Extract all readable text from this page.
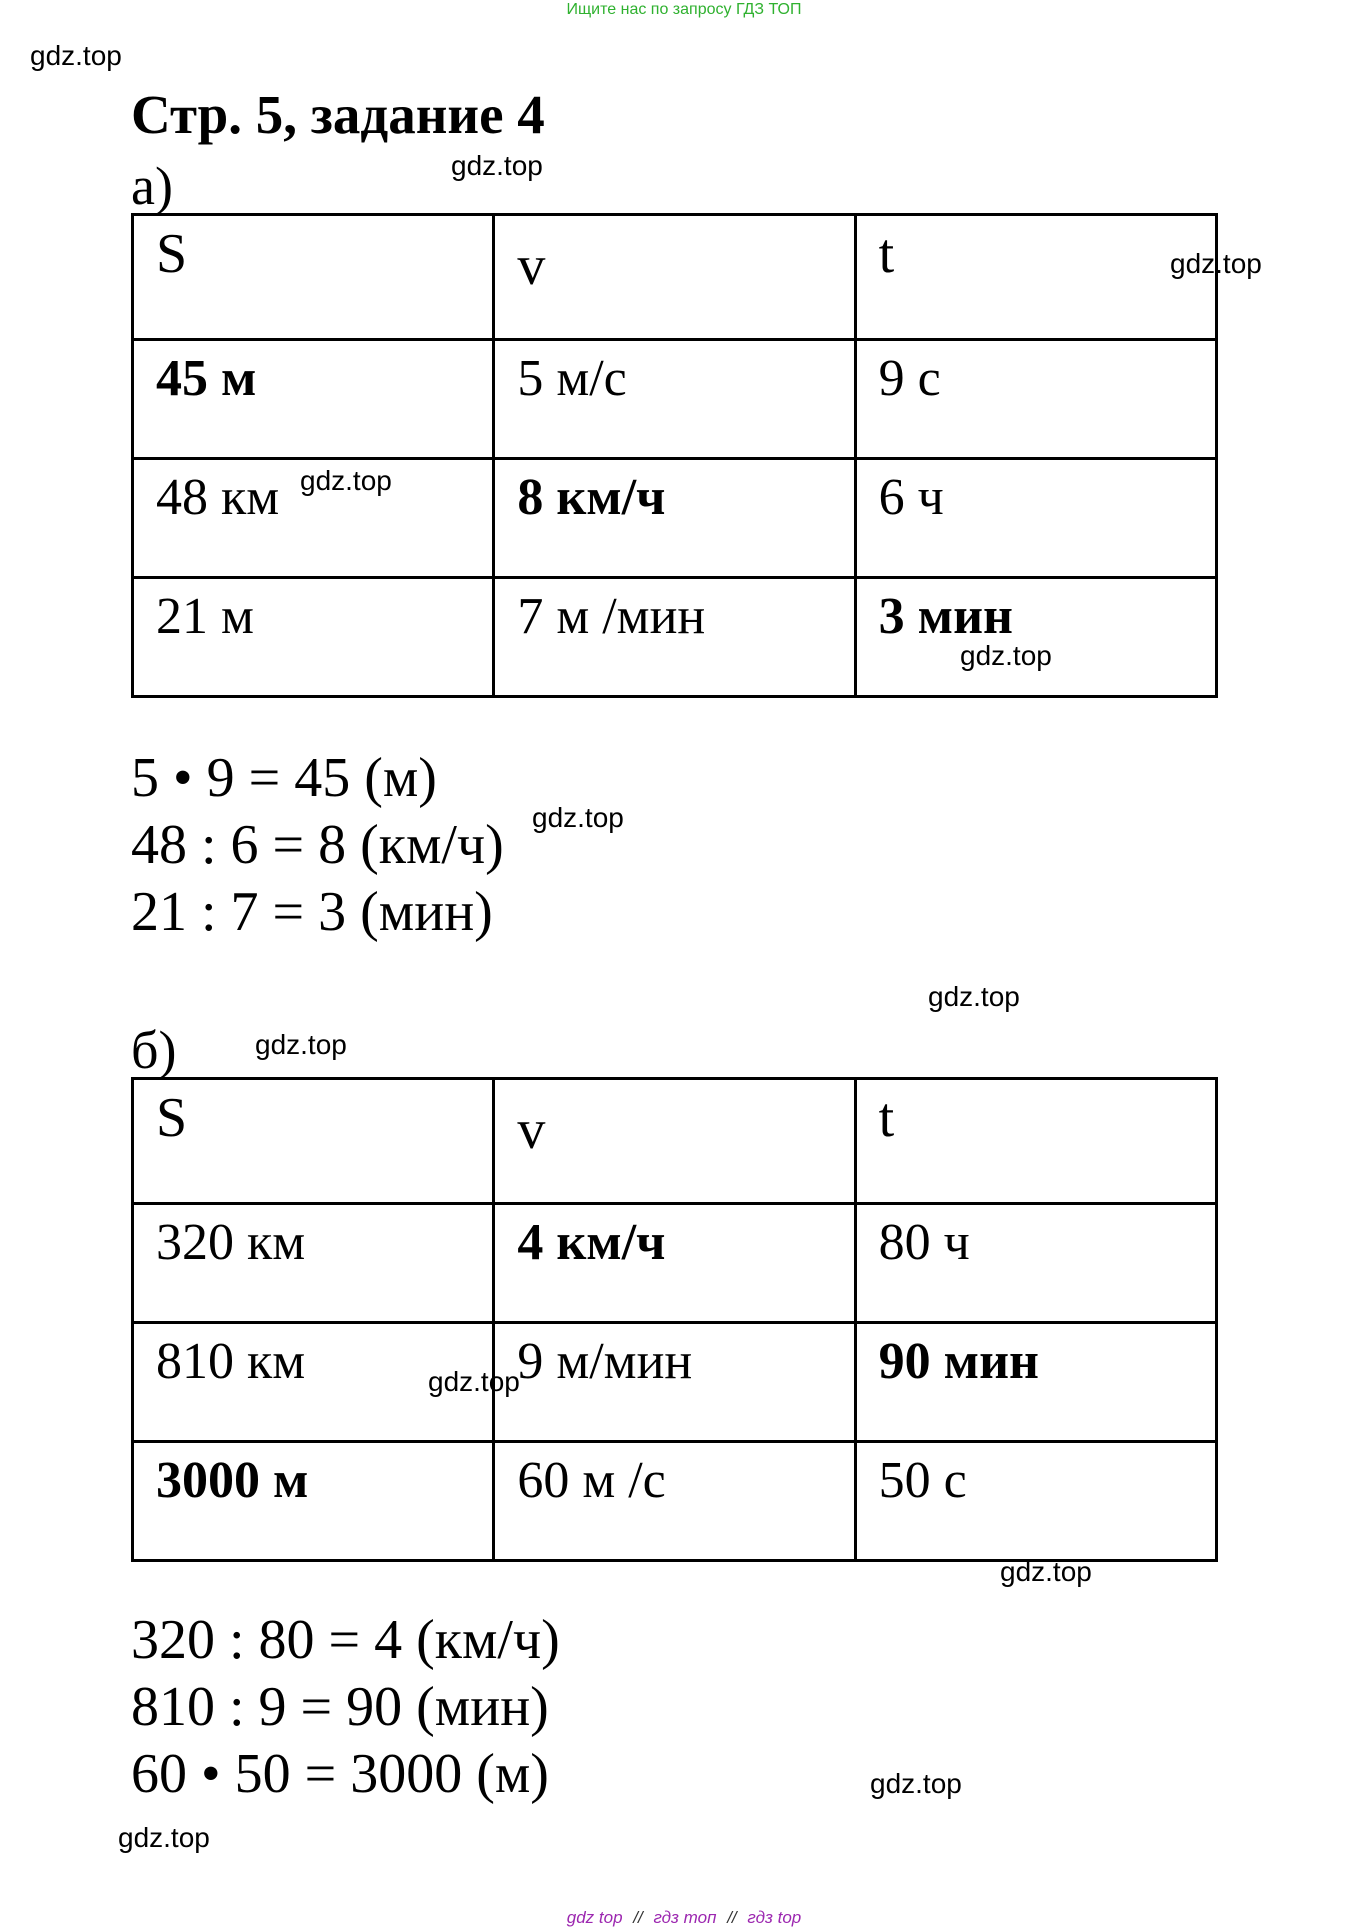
Ищите нас по запросу ГДЗ ТОП
gdz.top
gdz.top
gdz.top
gdz.top
gdz.top
gdz.top
gdz.top
gdz.top
gdz.top
gdz.top
gdz.top
gdz.top
Стр. 5, задание 4
а)
S	v	t
45 м	5 м/с	9 с
48 км	8 км/ч	6 ч
21 м	7 м /мин	3 мин
5 • 9 = 45 (м)
48 : 6 = 8 (км/ч)
21 : 7 = 3 (мин)
б)
S	v	t
320 км	4 км/ч	80 ч
810 км	9 м/мин	90 мин
3000 м	60 м /с	50 с
320 : 80 = 4 (км/ч)
810 : 9 = 90 (мин)
60 • 50 = 3000 (м)
gdz top // гдз топ // гдз top
